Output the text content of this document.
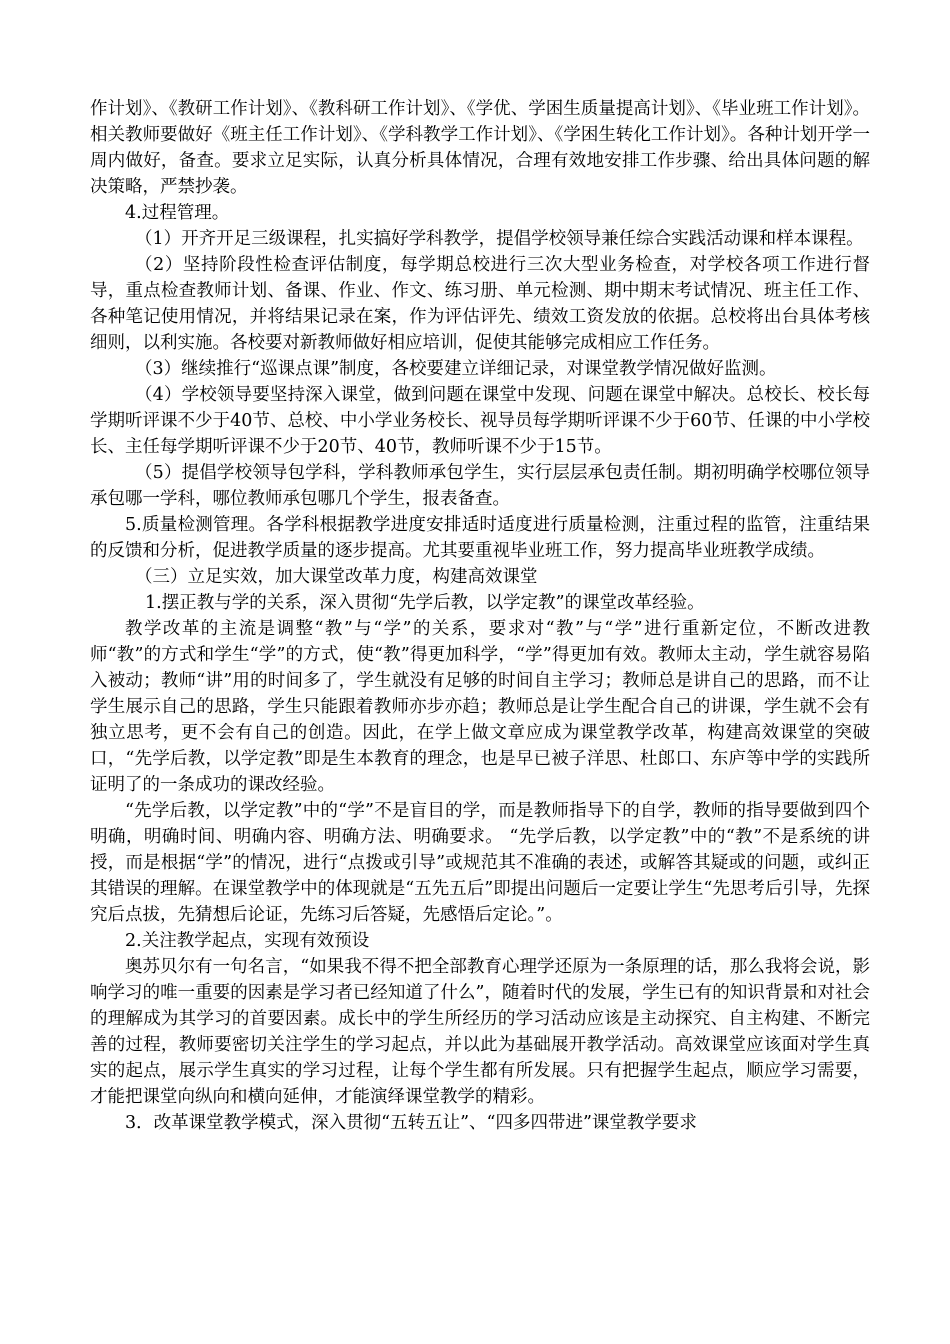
作计划》、《教研工作计划》、《教科研工作计划》、《学优、学困生质量提高计划》、《毕业班工作计划》。相关教师要做好《班主任工作计划》、《学科教学工作计划》、《学困生转化工作计划》。各种计划开学一周内做好，备查。要求立足实际，认真分析具体情况，合理有效地安排工作步骤、给出具体问题的解决策略，严禁抄袭。

4.过程管理。

（1）开齐开足三级课程，扎实搞好学科教学，提倡学校领导兼任综合实践活动课和样本课程。

（2）坚持阶段性检查评估制度，每学期总校进行三次大型业务检查，对学校各项工作进行督导，重点检查教师计划、备课、作业、作文、练习册、单元检测、期中期末考试情况、班主任工作、各种笔记使用情况，并将结果记录在案，作为评估评先、绩效工资发放的依据。总校将出台具体考核细则，以利实施。各校要对新教师做好相应培训，促使其能够完成相应工作任务。

（3）继续推行“巡课点课”制度，各校要建立详细记录，对课堂教学情况做好监测。

（4）学校领导要坚持深入课堂，做到问题在课堂中发现、问题在课堂中解决。总校长、校长每学期听评课不少于40节、总校、中小学业务校长、视导员每学期听评课不少于60节、任课的中小学校长、主任每学期听评课不少于20节、40节，教师听课不少于15节。

（5）提倡学校领导包学科，学科教师承包学生，实行层层承包责任制。期初明确学校哪位领导承包哪一学科，哪位教师承包哪几个学生，报表备查。

5.质量检测管理。各学科根据教学进度安排适时适度进行质量检测，注重过程的监管，注重结果的反馈和分析，促进教学质量的逐步提高。尤其要重视毕业班工作，努力提高毕业班教学成绩。

（三）立足实效，加大课堂改革力度，构建高效课堂

1.摆正教与学的关系，深入贯彻“先学后教，以学定教”的课堂改革经验。

教学改革的主流是调整“教”与“学”的关系，要求对“教”与“学”进行重新定位，不断改进教师“教”的方式和学生“学”的方式，使“教”得更加科学，“学”得更加有效。教师太主动，学生就容易陷入被动；教师“讲”用的时间多了，学生就没有足够的时间自主学习；教师总是讲自己的思路，而不让学生展示自己的思路，学生只能跟着教师亦步亦趋；教师总是让学生配合自己的讲课，学生就不会有独立思考，更不会有自己的创造。因此，在学上做文章应成为课堂教学改革，构建高效课堂的突破口，“先学后教，以学定教”即是生本教育的理念，也是早已被子洋思、杜郎口、东庐等中学的实践所证明了的一条成功的课改经验。

“先学后教，以学定教”中的“学”不是盲目的学，而是教师指导下的自学，教师的指导要做到四个明确，明确时间、明确内容、明确方法、明确要求。 “先学后教，以学定教”中的“教”不是系统的讲授，而是根据“学”的情况，进行“点拨或引导”或规范其不准确的表述，或解答其疑或的问题，或纠正其错误的理解。在课堂教学中的体现就是“五先五后”即提出问题后一定要让学生“先思考后引导，先探究后点拔，先猜想后论证，先练习后答疑，先感悟后定论。”。

2.关注教学起点，实现有效预设

奥苏贝尔有一句名言，“如果我不得不把全部教育心理学还原为一条原理的话，那么我将会说，影响学习的唯一重要的因素是学习者已经知道了什么”，随着时代的发展，学生已有的知识背景和对社会的理解成为其学习的首要因素。成长中的学生所经历的学习活动应该是主动探究、自主构建、不断完善的过程，教师要密切关注学生的学习起点，并以此为基础展开教学活动。高效课堂应该面对学生真实的起点，展示学生真实的学习过程，让每个学生都有所发展。只有把握学生起点，顺应学习需要，才能把课堂向纵向和横向延伸，才能演绎课堂教学的精彩。

3．改革课堂教学模式，深入贯彻“五转五让”、“四多四带进”课堂教学要求
